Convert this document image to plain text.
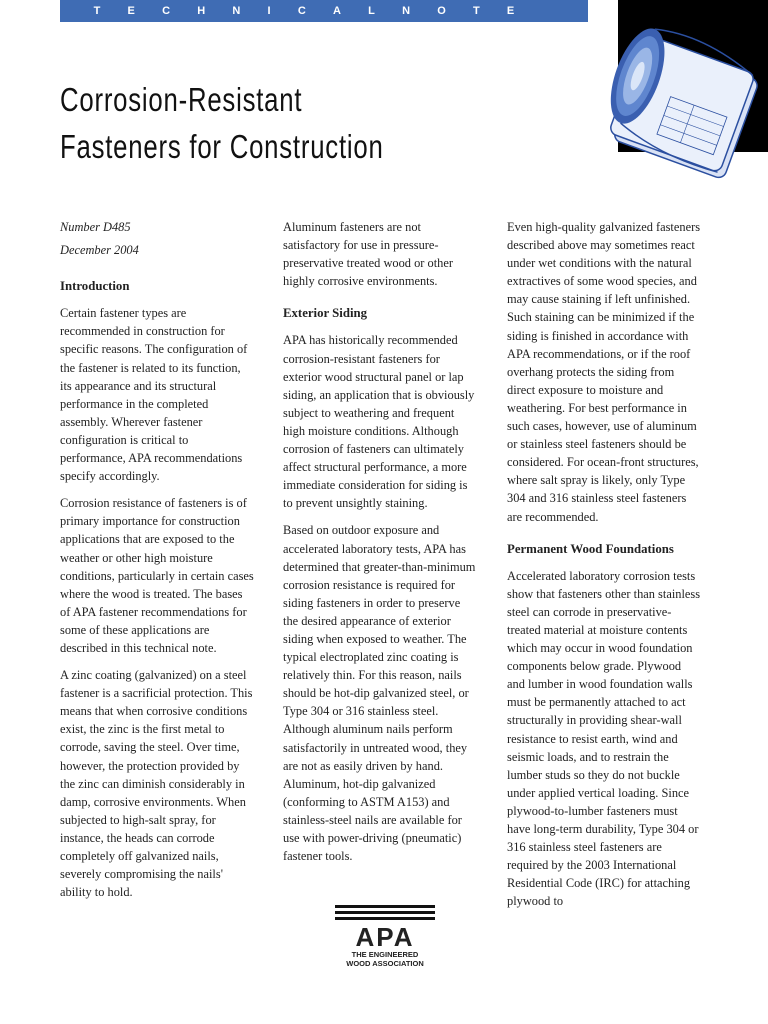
T E C H N I C A L N O T E
Corrosion-Resistant
Fasteners for Construction

Number D485

December 2004

Introduction

Certain fastener types are recommended in construction for specific reasons. The configuration of the fastener is related to its function, its appearance and its structural performance in the completed assembly. Wherever fastener configuration is critical to performance, APA recommendations specify accordingly.

Corrosion resistance of fasteners is of primary importance for construction applications that are exposed to the weather or other high moisture conditions, particularly in certain cases where the wood is treated. The bases of APA fastener recommendations for some of these applications are described in this technical note.

A zinc coating (galvanized) on a steel fastener is a sacrificial protection. This means that when corrosive conditions exist, the zinc is the first metal to corrode, saving the steel. Over time, however, the protection provided by the zinc can diminish considerably in damp, corrosive environments. When subjected to high-salt spray, for instance, the heads can corrode completely off galvanized nails, severely compromising the nails' ability to hold.

Aluminum fasteners are not satisfactory for use in pressure-preservative treated wood or other highly corrosive environments.

Exterior Siding

APA has historically recommended corrosion-resistant fasteners for exterior wood structural panel or lap siding, an application that is obviously subject to weathering and frequent high moisture conditions. Although corrosion of fasteners can ultimately affect structural performance, a more immediate consideration for siding is to prevent unsightly staining.

Based on outdoor exposure and accelerated laboratory tests, APA has determined that greater-than-minimum corrosion resistance is required for siding fasteners in order to preserve the desired appearance of exterior siding when exposed to weather. The typical electroplated zinc coating is relatively thin. For this reason, nails should be hot-dip galvanized steel, or Type 304 or 316 stainless steel. Although aluminum nails perform satisfactorily in untreated wood, they are not as easily driven by hand. Aluminum, hot-dip galvanized (conforming to ASTM A153) and stainless-steel nails are available for use with power-driving (pneumatic) fastener tools.

Even high-quality galvanized fasteners described above may sometimes react under wet conditions with the natural extractives of some wood species, and may cause staining if left unfinished. Such staining can be minimized if the siding is finished in accordance with APA recommendations, or if the roof overhang protects the siding from direct exposure to moisture and weathering. For best performance in such cases, however, use of aluminum or stainless steel fasteners should be considered. For ocean-front structures, where salt spray is likely, only Type 304 and 316 stainless steel fasteners are recommended.

Permanent Wood Foundations

Accelerated laboratory corrosion tests show that fasteners other than stainless steel can corrode in preservative-treated material at moisture contents which may occur in wood foundation components below grade. Plywood and lumber in wood foundation walls must be permanently attached to act structurally in providing shear-wall resistance to resist earth, wind and seismic loads, and to restrain the lumber studs so they do not buckle under applied vertical loading. Since plywood-to-lumber fasteners must have long-term durability, Type 304 or 316 stainless steel fasteners are required by the 2003 International Residential Code (IRC) for attaching plywood to

APA
THE ENGINEERED
WOOD ASSOCIATION
